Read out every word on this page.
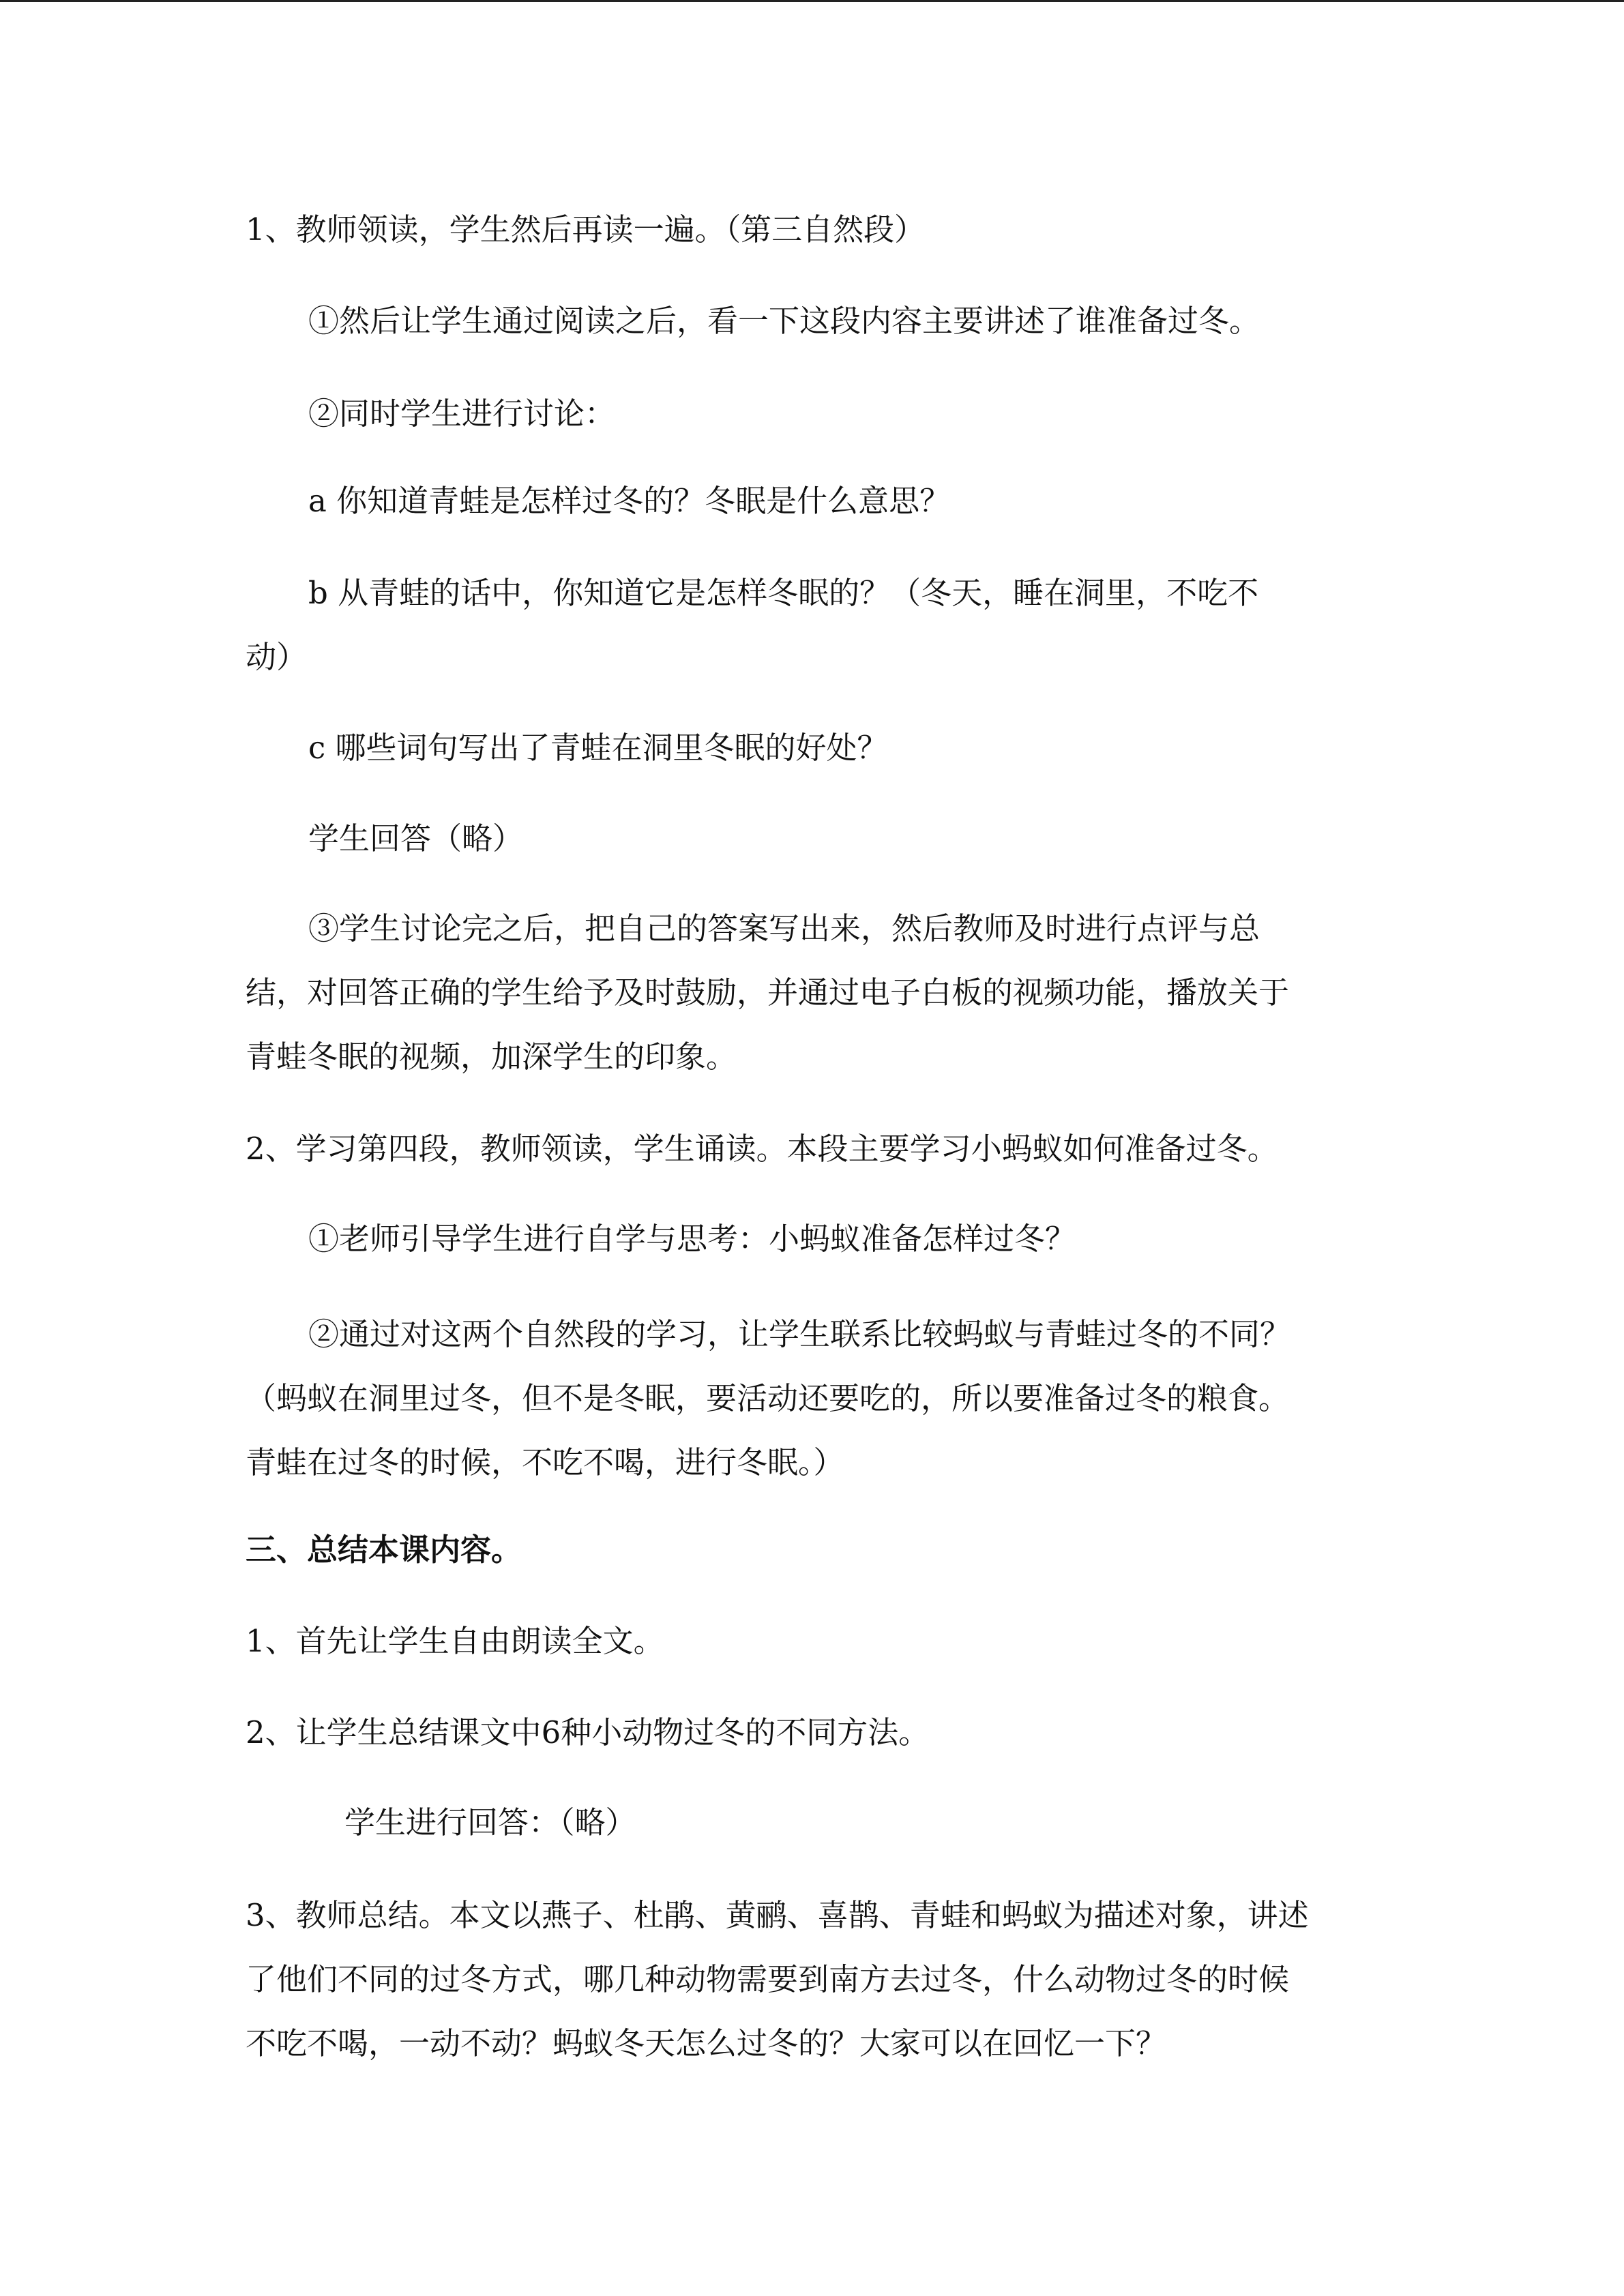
1、教师领读，学生然后再读一遍。（第三自然段）
①然后让学生通过阅读之后，看一下这段内容主要讲述了谁准备过冬。
②同时学生进行讨论：
a 你知道青蛙是怎样过冬的？冬眠是什么意思？
b 从青蛙的话中，你知道它是怎样冬眠的？（冬天，睡在洞里，不吃不
动）
c 哪些词句写出了青蛙在洞里冬眠的好处？
学生回答（略）
③学生讨论完之后，把自己的答案写出来，然后教师及时进行点评与总
结，对回答正确的学生给予及时鼓励，并通过电子白板的视频功能，播放关于
青蛙冬眠的视频，加深学生的印象。
2、学习第四段，教师领读，学生诵读。本段主要学习小蚂蚁如何准备过冬。
①老师引导学生进行自学与思考：小蚂蚁准备怎样过冬？
②通过对这两个自然段的学习，让学生联系比较蚂蚁与青蛙过冬的不同？
（蚂蚁在洞里过冬，但不是冬眠，要活动还要吃的，所以要准备过冬的粮食。
青蛙在过冬的时候，不吃不喝，进行冬眠。）
三、总结本课内容。
1、首先让学生自由朗读全文。
2、让学生总结课文中6种小动物过冬的不同方法。
学生进行回答：（略）
3、教师总结。本文以燕子、杜鹃、黄鹂、喜鹊、青蛙和蚂蚁为描述对象，讲述
了他们不同的过冬方式，哪几种动物需要到南方去过冬，什么动物过冬的时候
不吃不喝，一动不动？蚂蚁冬天怎么过冬的？大家可以在回忆一下？
